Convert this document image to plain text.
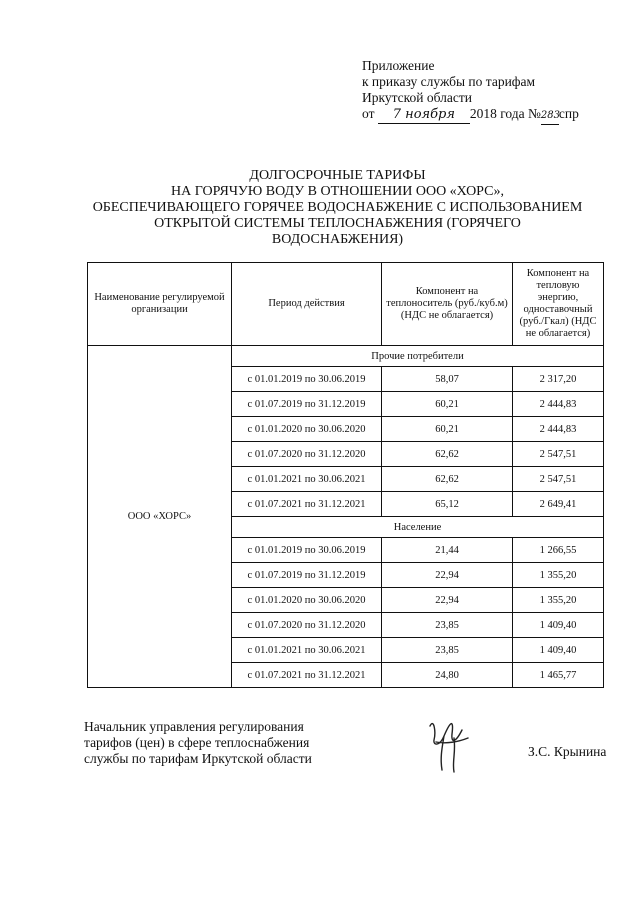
Приложение
к приказу службы по тарифам
Иркутской области
от 7 ноября 2018 года №283спр
ДОЛГОСРОЧНЫЕ ТАРИФЫ
НА ГОРЯЧУЮ ВОДУ В ОТНОШЕНИИ ООО «ХОРС»,
ОБЕСПЕЧИВАЮЩЕГО ГОРЯЧЕЕ ВОДОСНАБЖЕНИЕ С ИСПОЛЬЗОВАНИЕМ
ОТКРЫТОЙ СИСТЕМЫ ТЕПЛОСНАБЖЕНИЯ (ГОРЯЧЕГО
ВОДОСНАБЖЕНИЯ)
Наименование регулируемой организации	Период действия	Компонент на теплоноситель (руб./куб.м) (НДС не облагается)	Компонент на тепловую энергию, одноставочный (руб./Гкал) (НДС не облагается)
ООО «ХОРС»	Прочие потребители		
	с 01.01.2019 по 30.06.2019	58,07	2 317,20
	с 01.07.2019 по 31.12.2019	60,21	2 444,83
	с 01.01.2020 по 30.06.2020	60,21	2 444,83
	с 01.07.2020 по 31.12.2020	62,62	2 547,51
	с 01.01.2021 по 30.06.2021	62,62	2 547,51
	с 01.07.2021 по 31.12.2021	65,12	2 649,41
	Население		
	с 01.01.2019 по 30.06.2019	21,44	1 266,55
	с 01.07.2019 по 31.12.2019	22,94	1 355,20
	с 01.01.2020 по 30.06.2020	22,94	1 355,20
	с 01.07.2020 по 31.12.2020	23,85	1 409,40
	с 01.01.2021 по 30.06.2021	23,85	1 409,40
	с 01.07.2021 по 31.12.2021	24,80	1 465,77
Начальник управления регулирования
тарифов (цен) в сфере теплоснабжения
службы по тарифам Иркутской области	З.С. Крынина
